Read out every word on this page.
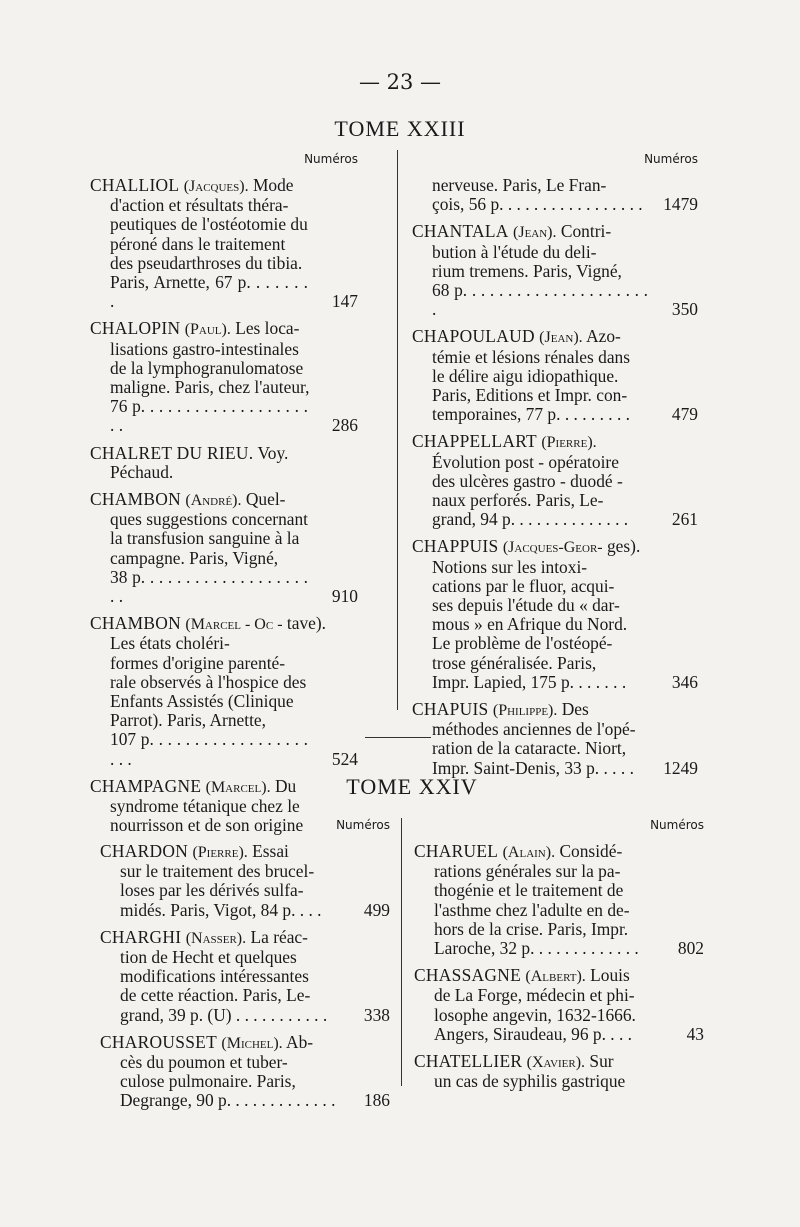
— 23 —
TOME XXIII
TOME XXIV
Numéros
CHALLIOL (Jacques). Mode
d'action et résultats théra-
peutiques de l'ostéotomie du
péroné dans le traitement
des pseudarthroses du tibia.
Paris, Arnette, 67 p. . . . . . . .	147
CHALOPIN (Paul). Les loca-
lisations gastro-intestinales
de la lymphogranulomatose
maligne. Paris, chez l'auteur,
76 p. . . . . . . . . . . . . . . . . . . . .	286
CHALRET DU RIEU. Voy.
Péchaud.
CHAMBON (André). Quel-
ques suggestions concernant
la transfusion sanguine à la
campagne. Paris, Vigné,
38 p. . . . . . . . . . . . . . . . . . . . .	910
CHAMBON (Marcel - Oc - tave).
Les états choléri-
formes d'origine parenté-
rale observés à l'hospice des
Enfants Assistés (Clinique
Parrot). Paris, Arnette,
107 p. . . . . . . . . . . . . . . . . . . . .	524
CHAMPAGNE (Marcel). Du
syndrome tétanique chez le
nourrisson et de son origine
Numéros
nerveuse. Paris, Le Fran-
çois, 56 p. . . . . . . . . . . . . . . . .	1479
CHANTALA (Jean). Contri-
bution à l'étude du deli-
rium tremens. Paris, Vigné,
68 p. . . . . . . . . . . . . . . . . . . . . .	350
CHAPOULAUD (Jean). Azo-
témie et lésions rénales dans
le délire aigu idiopathique.
Paris, Editions et Impr. con-
temporaines, 77 p. . . . . . . . .	479
CHAPPELLART (Pierre).
Évolution post - opératoire
des ulcères gastro - duodé -
naux perforés. Paris, Le-
grand, 94 p. . . . . . . . . . . . . .	261
CHAPPUIS (Jacques-Geor- ges).
Notions sur les intoxi-
cations par le fluor, acqui-
ses depuis l'étude du « dar-
mous » en Afrique du Nord.
Le problème de l'ostéopé-
trose généralisée. Paris,
Impr. Lapied, 175 p. . . . . . .	346
CHAPUIS (Philippe). Des
méthodes anciennes de l'opé-
ration de la cataracte. Niort,
Impr. Saint-Denis, 33 p. . . . .	1249
Numéros
CHARDON (Pierre). Essai
sur le traitement des brucel-
loses par les dérivés sulfa-
midés. Paris, Vigot, 84 p. . . .	499
CHARGHI (Nasser). La réac-
tion de Hecht et quelques
modifications intéressantes
de cette réaction. Paris, Le-
grand, 39 p. (U) . . . . . . . . . . .	338
CHAROUSSET (Michel). Ab-
cès du poumon et tuber-
culose pulmonaire. Paris,
Degrange, 90 p. . . . . . . . . . . . .	186
Numéros
CHARUEL (Alain). Considé-
rations générales sur la pa-
thogénie et le traitement de
l'asthme chez l'adulte en de-
hors de la crise. Paris, Impr.
Laroche, 32 p. . . . . . . . . . . . .	802
CHASSAGNE (Albert). Louis
de La Forge, médecin et phi-
losophe angevin, 1632-1666.
Angers, Siraudeau, 96 p. . . .	43
CHATELLIER (Xavier). Sur
un cas de syphilis gastrique
